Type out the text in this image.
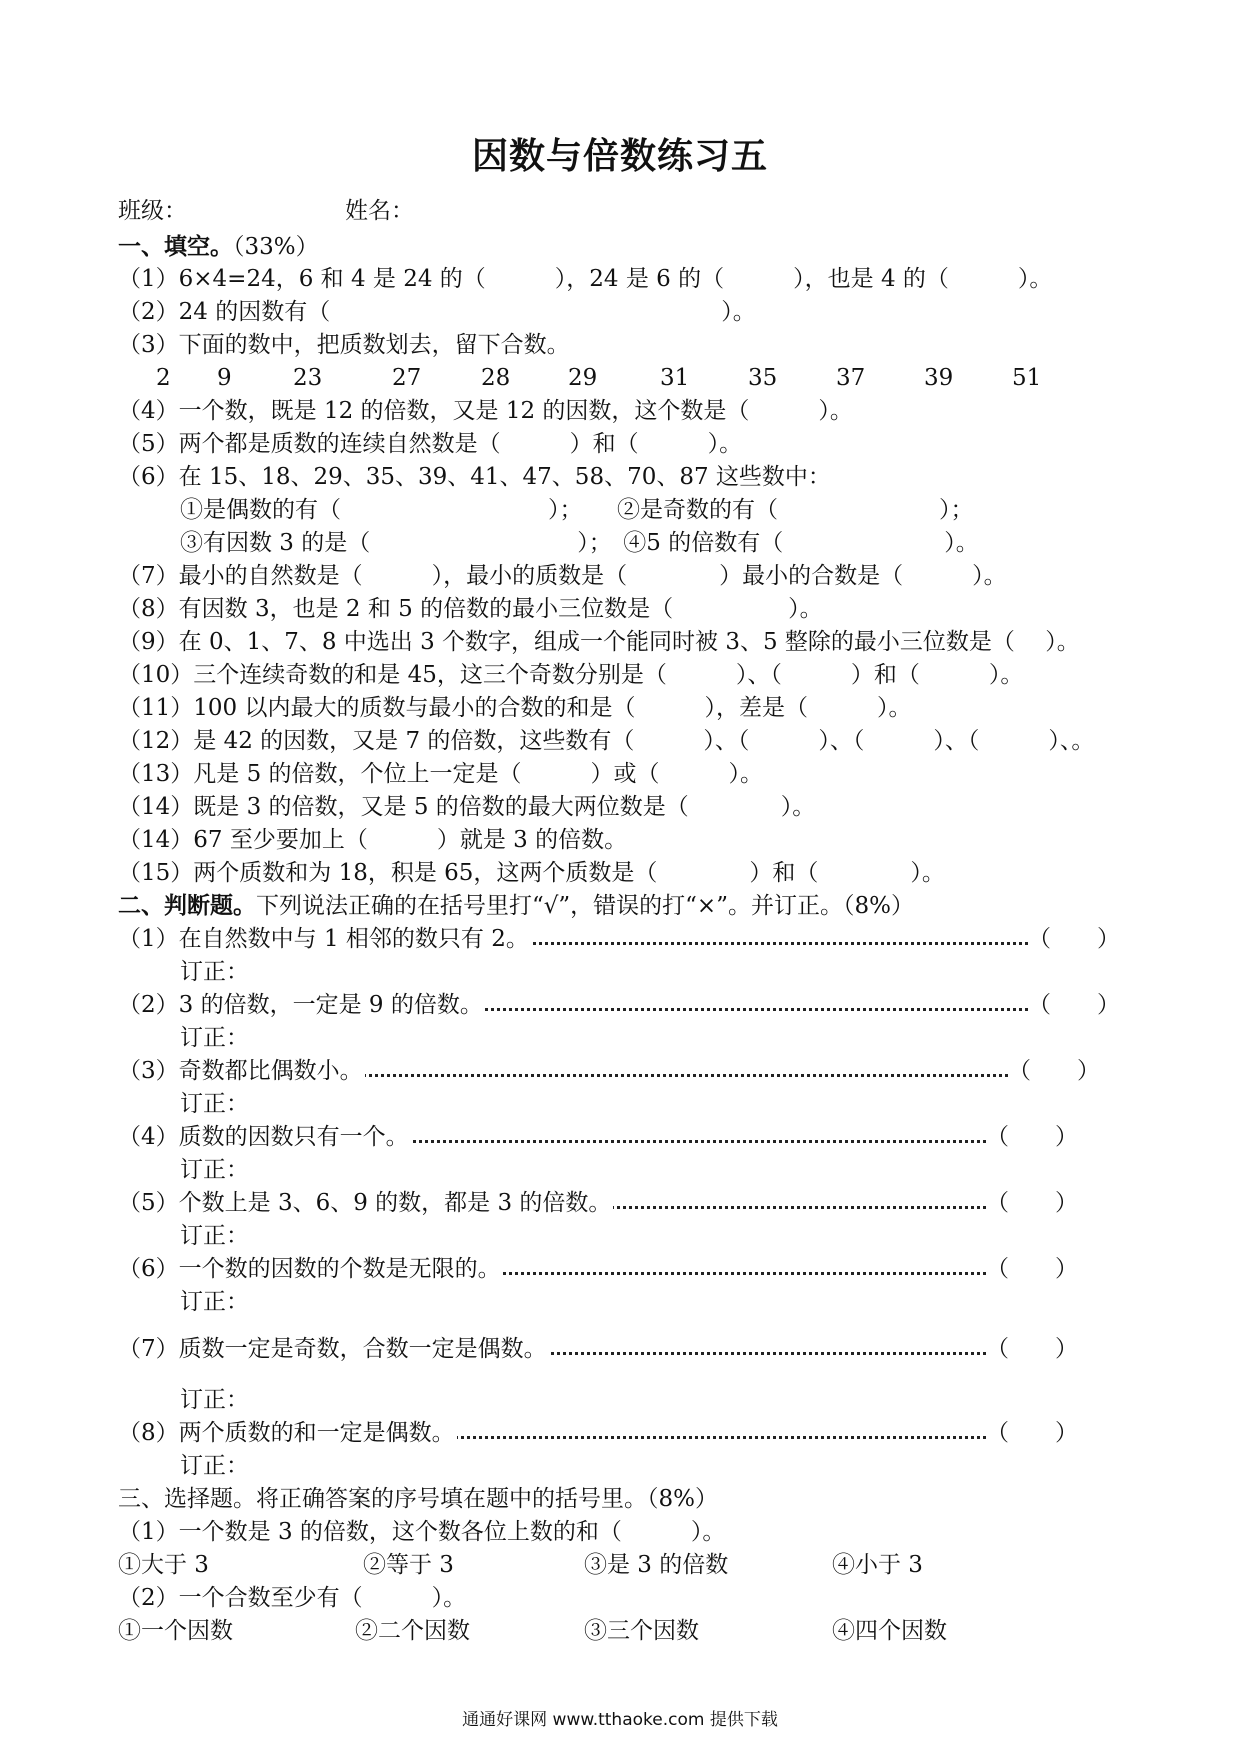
因数与倍数练习五
班级：	姓名：
一、填空。（33%）
（1）6×4=24，6 和 4 是 24 的（　　　），24 是 6 的（　　　），也是 4 的（　　　）。
（2）24 的因数有（　　　　　　　　　　　　　　　　　）。
（3）下面的数中，把质数划去，留下合数。
2 9	23	27	28	29	31	35	37	39	51
（4）一个数，既是 12 的倍数，又是 12 的因数，这个数是（　　　）。
（5）两个都是质数的连续自然数是（　　　）和（　　　）。
（6）在 15、18、29、35、39、41、47、58、70、87 这些数中：
①是偶数的有（　　　　　　　　　）；　　②是奇数的有（　　　　　　　）；
③有因数 3 的是（　　　　　　　　　）；　④5 的倍数有（　　　　　　　）。
（7）最小的自然数是（　　　），最小的质数是（　　　　）最小的合数是（　　　）。
（8）有因数 3，也是 2 和 5 的倍数的最小三位数是（　　　　　）。
（9）在 0、1、7、8 中选出 3 个数字，组成一个能同时被 3、5 整除的最小三位数是（　 ）。
（10）三个连续奇数的和是 45，这三个奇数分别是（　　　）、（　　　）和（　　　）。
（11）100 以内最大的质数与最小的合数的和是（　　　），差是（　　　）。
（12）是 42 的因数，又是 7 的倍数，这些数有（　　　）、（　　　）、（　　　）、（　　　）、。
（13）凡是 5 的倍数，个位上一定是（　　　）或（　　　）。
（14）既是 3 的倍数，又是 5 的倍数的最大两位数是（　　　　）。
（14）67 至少要加上（　　　）就是 3 的倍数。
（15）两个质数和为 18，积是 65，这两个质数是（　　　　）和（　　　　）。
二、判断题。下列说法正确的在括号里打“√”，错误的打“×”。并订正。（8%）
（1）在自然数中与 1 相邻的数只有 2。	（　　）
订正：
（2）3 的倍数，一定是 9 的倍数。	（　　）
订正：
（3）奇数都比偶数小。	（　　）
订正：
（4）质数的因数只有一个。	（　　）
订正：
（5）个数上是 3、6、9 的数，都是 3 的倍数。	（　　）
订正：
（6）一个数的因数的个数是无限的。	（　　）
订正：
（7）质数一定是奇数，合数一定是偶数。	（　　）
订正：
（8）两个质数的和一定是偶数。	（　　）
订正：
三、选择题。将正确答案的序号填在题中的括号里。（8%）
（1）一个数是 3 的倍数，这个数各位上数的和（　　　）。
①大于 3	②等于 3	③是 3 的倍数	④小于 3
（2）一个合数至少有（　　　）。
①一个因数	②二个因数	③三个因数	④四个因数
通通好课网 www.tthaoke.com 提供下载
